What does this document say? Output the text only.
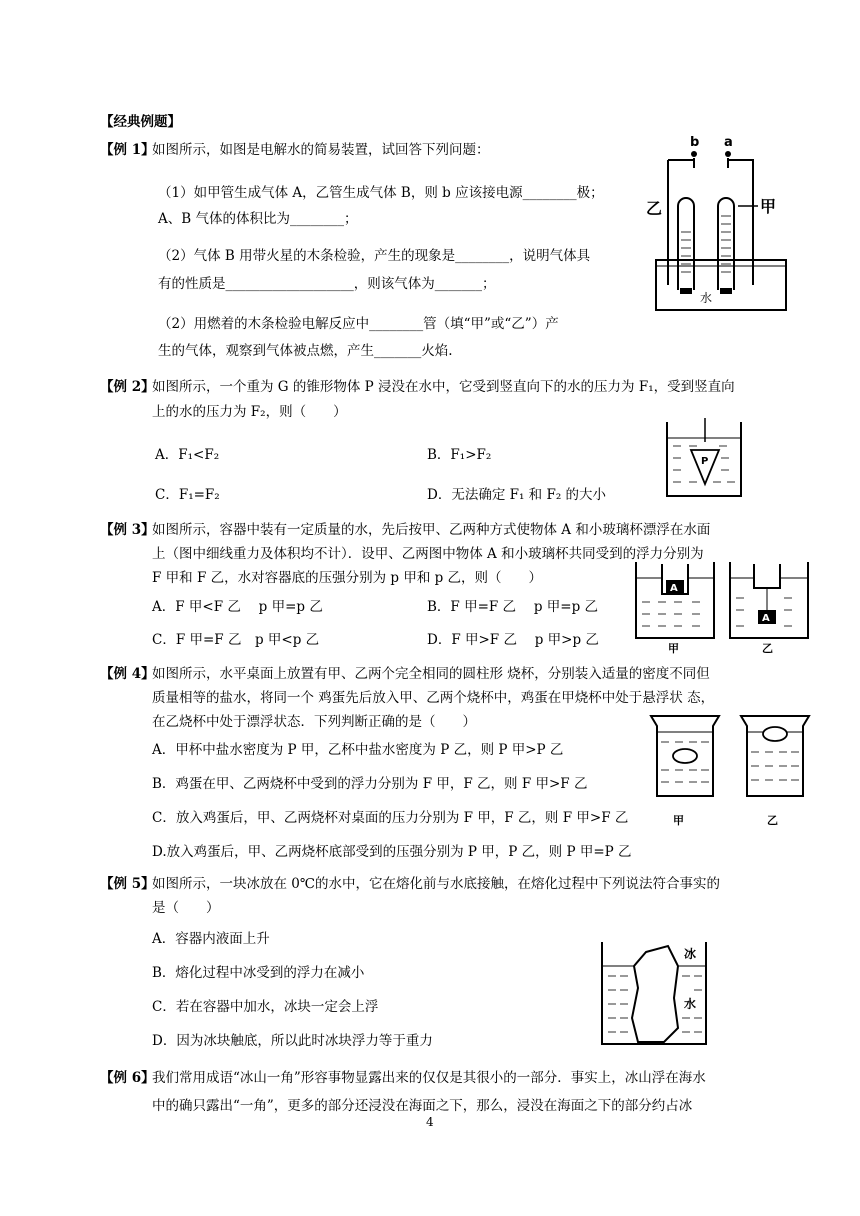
【经典例题】
【例 1】
如图所示，如图是电解水的简易装置，试回答下列问题：
（1）如甲管生成气体 A，乙管生成气体 B，则 b 应该接电源________极；
A、B 气体的体积比为________；
（2）气体 B 用带火星的木条检验，产生的现象是________，说明气体具
有的性质是___________________，则该气体为_______；
（2）用燃着的木条检验电解反应中________管（填“甲”或“乙”）产
生的气体，观察到气体被点燃，产生_______火焰.
b a
乙	甲
水
【例 2】
如图所示，一个重为 G 的锥形物体 P 浸没在水中，它受到竖直向下的水的压力为 F₁，受到竖直向
上的水的压力为 F₂，则（　　）
A．F₁<F₂	B．F₁>F₂
C．F₁=F₂	D．无法确定 F₁ 和 F₂ 的大小
P
【例 3】
如图所示，容器中装有一定质量的水，先后按甲、乙两种方式使物体 A 和小玻璃杯漂浮在水面
上（图中细线重力及体积均不计）．设甲、乙两图中物体 A 和小玻璃杯共同受到的浮力分别为
F 甲和 F 乙，水对容器底的压强分别为 p 甲和 p 乙，则（　　）
A．F 甲<F 乙　 p 甲=p 乙	B．F 甲=F 乙　 p 甲=p 乙
C．F 甲=F 乙　p 甲<p 乙	D．F 甲>F 乙　 p 甲>p 乙
A
甲
A
乙
【例 4】
如图所示，水平桌面上放置有甲、乙两个完全相同的圆柱形 烧杯，分别装入适量的密度不同但
质量相等的盐水，将同一个 鸡蛋先后放入甲、乙两个烧杯中，鸡蛋在甲烧杯中处于悬浮状 态，
在乙烧杯中处于漂浮状态．下列判断正确的是（　　）
A．甲杯中盐水密度为 P 甲，乙杯中盐水密度为 P 乙，则 P 甲>P 乙
B．鸡蛋在甲、乙两烧杯中受到的浮力分别为 F 甲，F 乙，则 F 甲>F 乙
C．放入鸡蛋后，甲、乙两烧杯对桌面的压力分别为 F 甲，F 乙，则 F 甲>F 乙
D.放入鸡蛋后，甲、乙两烧杯底部受到的压强分别为 P 甲，P 乙，则 P 甲=P 乙
甲	乙
【例 5】
如图所示，一块冰放在 0℃的水中，它在熔化前与水底接触，在熔化过程中下列说法符合事实的
是（　　）
A．容器内液面上升
B．熔化过程中冰受到的浮力在减小
C．若在容器中加水，冰块一定会上浮
D．因为冰块触底，所以此时冰块浮力等于重力
冰
水
【例 6】
我们常用成语“冰山一角”形容事物显露出来的仅仅是其很小的一部分．事实上，冰山浮在海水
中的确只露出“一角”，更多的部分还浸没在海面之下，那么，浸没在海面之下的部分约占冰
4
